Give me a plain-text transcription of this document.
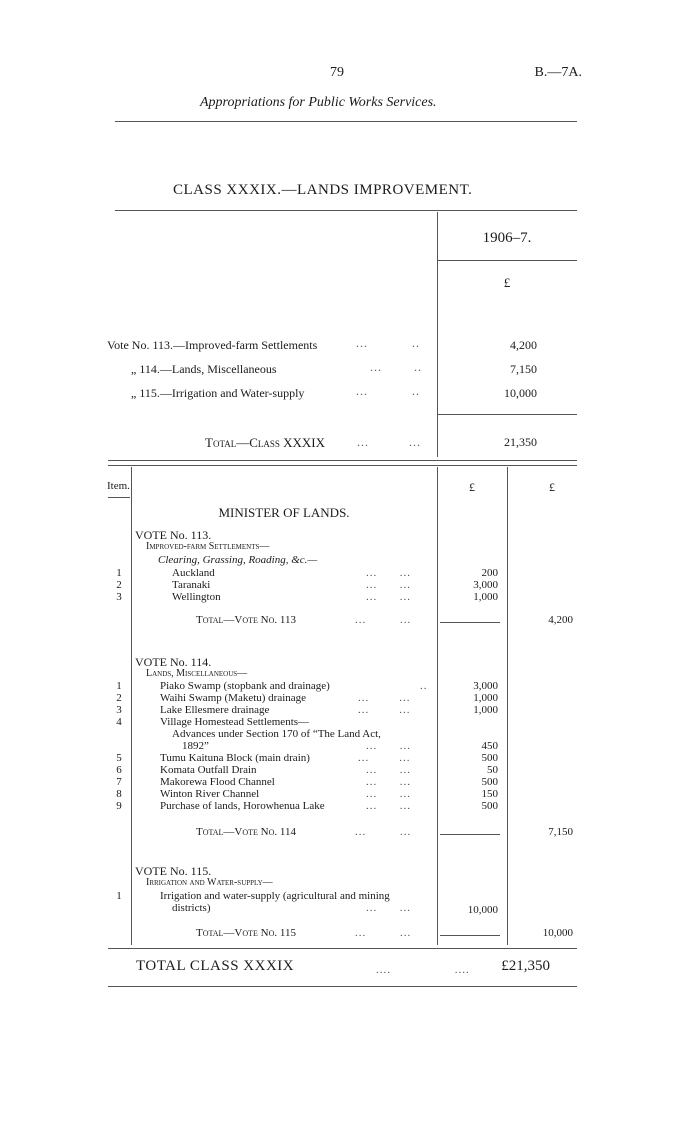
79	B.—7A.
Appropriations for Public Works Services.
CLASS XXXIX.—LANDS IMPROVEMENT.
1906–7.
£
Vote No. 113.—Improved-farm Settlements	...           ..	4,200
„ 114.—Lands, Miscellaneous	...        ..	7,150
„ 115.—Irrigation and Water-supply	...           ..	10,000
Total—Class XXXIX	...          ...	21,350
Item.	£	£
MINISTER OF LANDS.
VOTE No. 113.
Improved-farm Settlements—
Clearing, Grassing, Roading, &c.—
1	Auckland	...      ...	200
2	Taranaki	...      ...	3,000
3	Wellington	...      ...	1,000
Total—Vote No. 113	...         ...	4,200
VOTE No. 114.
Lands, Miscellaneous—
1	Piako Swamp (stopbank and drainage)	..	3,000
2	Waihi Swamp (Maketu) drainage	...        ...	1,000
3	Lake Ellesmere drainage	...        ...	1,000
4	Village Homestead Settlements—
Advances under Section 170 of “The Land Act,
1892”	...      ...	450
5	Tumu Kaituna Block (main drain)	...        ...	500
6	Komata Outfall Drain	...      ...	50
7	Makorewa Flood Channel	...      ...	500
8	Winton River Channel	...      ...	150
9	Purchase of lands, Horowhenua Lake	...      ...	500
Total—Vote No. 114	...         ...	7,150
VOTE No. 115.
Irrigation and Water-supply—
1	Irrigation and water-supply (agricultural and mining
districts)	...      ...	10,000
Total—Vote No. 115	...         ...	10,000
TOTAL CLASS XXXIX	....                 ....	£21,350
